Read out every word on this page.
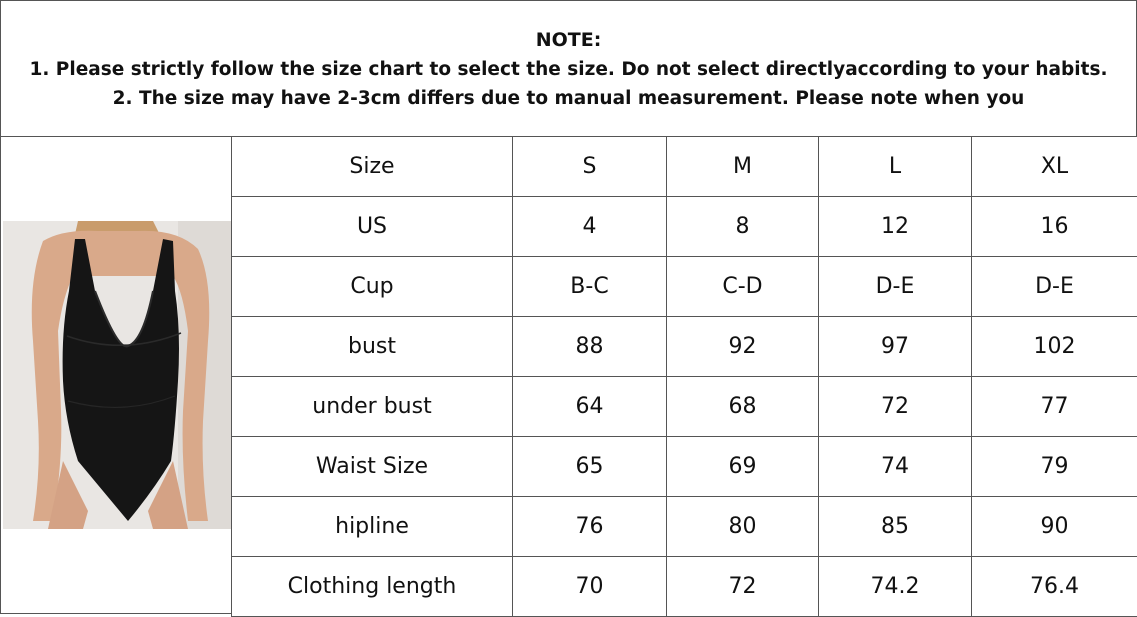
NOTE:
1. Please strictly follow the size chart to select the size. Do not select directlyaccording to your habits.
2. The size may have 2-3cm differs due to manual measurement. Please note when you
Size	S	M	L	XL
US	4	8	12	16
Cup	B-C	C-D	D-E	D-E
bust	88	92	97	102
under bust	64	68	72	77
Waist Size	65	69	74	79
hipline	76	80	85	90
Clothing length	70	72	74.2	76.4
